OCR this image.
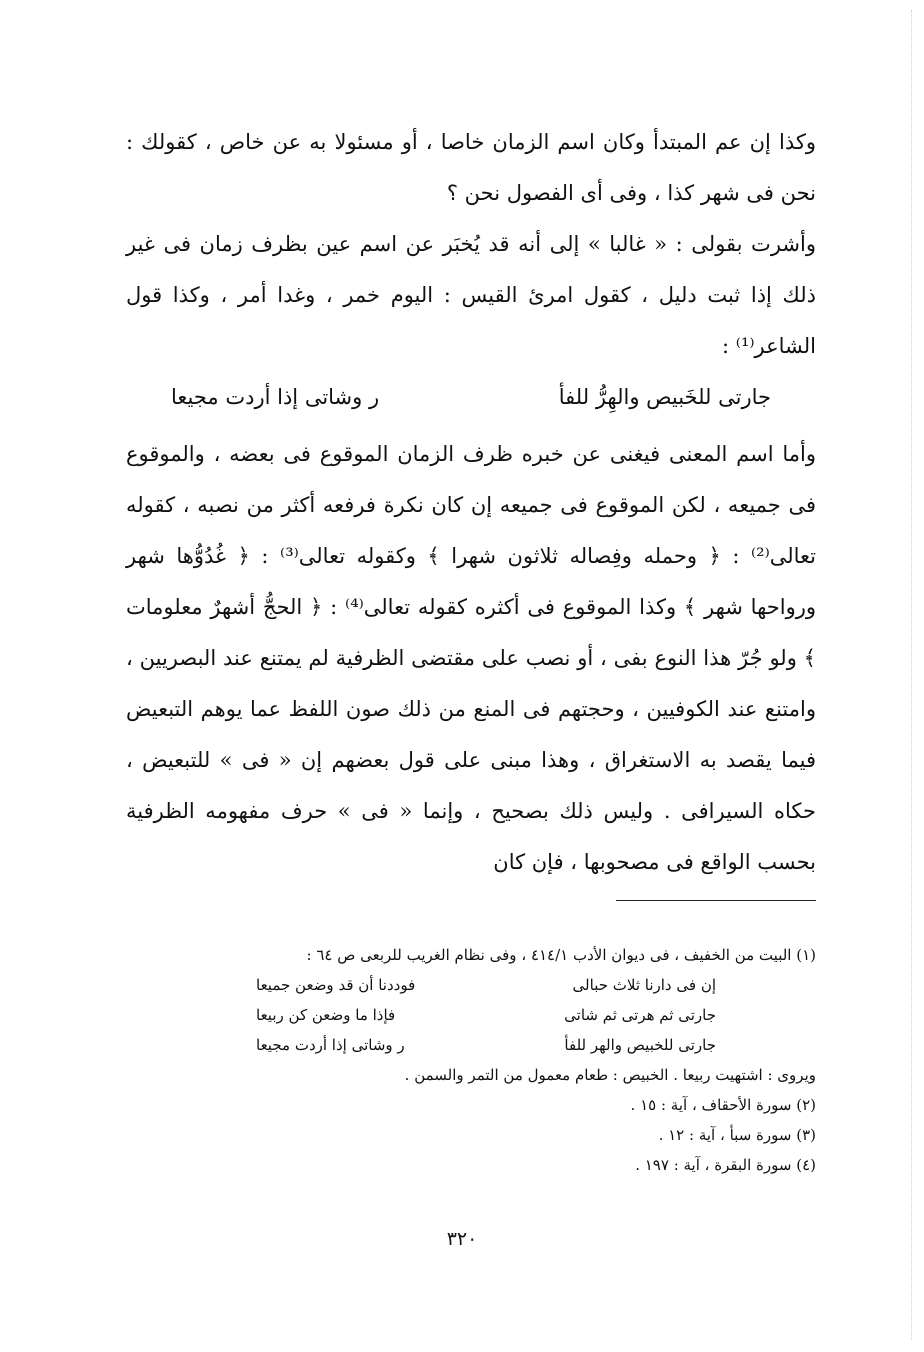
وكذا إن عم المبتدأ وكان اسم الزمان خاصا ، أو مسئولا به عن خاص ، كقولك : نحن فى شهر كذا ، وفى أى الفصول نحن ؟

وأشرت بقولى : « غالبا » إلى أنه قد يُخبَر عن اسم عين بظرف زمان فى غير ذلك إذا ثبت دليل ، كقول امرئ القيس : اليوم خمر ، وغدا أمر ، وكذا قول الشاعر⁽¹⁾ :

جارتى للخَبيص والهِرُّ للفأ
ر وشاتى إذا أردت مجيعا

وأما اسم المعنى فيغنى عن خبره ظرف الزمان الموقوع فى بعضه ، والموقوع فى جميعه ، لكن الموقوع فى جميعه إن كان نكرة فرفعه أكثر من نصبه ، كقوله تعالى⁽²⁾ : ﴿ وحمله وفِصاله ثلاثون شهرا ﴾ وكقوله تعالى⁽³⁾ : ﴿ غُدُوُّها شهر ورواحها شهر ﴾ وكذا الموقوع فى أكثره كقوله تعالى⁽⁴⁾ : ﴿ الحجُّ أشهرٌ معلومات ﴾ ولو جُرّ هذا النوع بفى ، أو نصب على مقتضى الظرفية لم يمتنع عند البصريين ، وامتنع عند الكوفيين ، وحجتهم فى المنع من ذلك صون اللفظ عما يوهم التبعيض فيما يقصد به الاستغراق ، وهذا مبنى على قول بعضهم إن « فى » للتبعيض ، حكاه السيرافى . وليس ذلك بصحيح ، وإنما « فى » حرف مفهومه الظرفية بحسب الواقع فى مصحوبها ، فإن كان

(١) البيت من الخفيف ، فى ديوان الأدب ٤١٤/١ ، وفى نظام الغريب للربعى ص ٦٤ :

إن فى دارنا ثلاث حبالى
فوددنا أن قد وضعن جميعا
جارتى ثم هرتى ثم شاتى
فإذا ما وضعن كن ربيعا
جارتى للخبيص والهر للفأ
ر وشاتى إذا أردت مجيعا

ويروى : اشتهيت ربيعا . الخبيص : طعام معمول من التمر والسمن .

(٢) سورة الأحقاف ، آية : ١٥ .

(٣) سورة سبأ ، آية : ١٢ .

(٤) سورة البقرة ، آية : ١٩٧ .

٣٢٠
